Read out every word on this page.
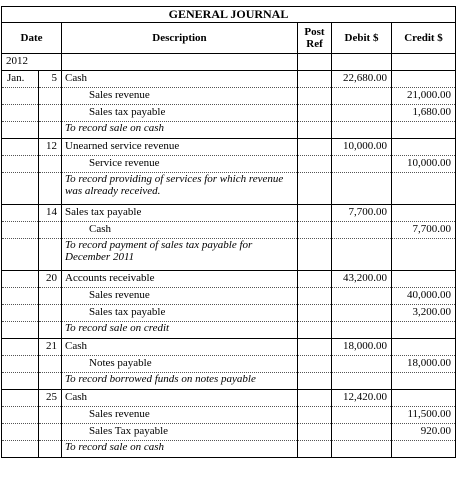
GENERAL JOURNAL					
Date		Description	Post Ref	Debit $	Credit $
2012					
Jan.	5	Cash		22,680.00	
		Sales revenue			21,000.00
		Sales tax payable			1,680.00
		To record sale on cash			
	12	Unearned service revenue		10,000.00	
		Service revenue			10,000.00
		To record providing of services for which revenue was already received.			
	14	Sales tax payable		7,700.00	
		Cash			7,700.00
		To record payment of sales tax payable for December 2011			
	20	Accounts receivable		43,200.00	
		Sales revenue			40,000.00
		Sales tax payable			3,200.00
		To record sale on credit			
	21	Cash		18,000.00	
		Notes payable			18,000.00
		To record borrowed funds on notes payable			
	25	Cash		12,420.00	
		Sales revenue			11,500.00
		Sales Tax payable			920.00
		To record sale on cash			
